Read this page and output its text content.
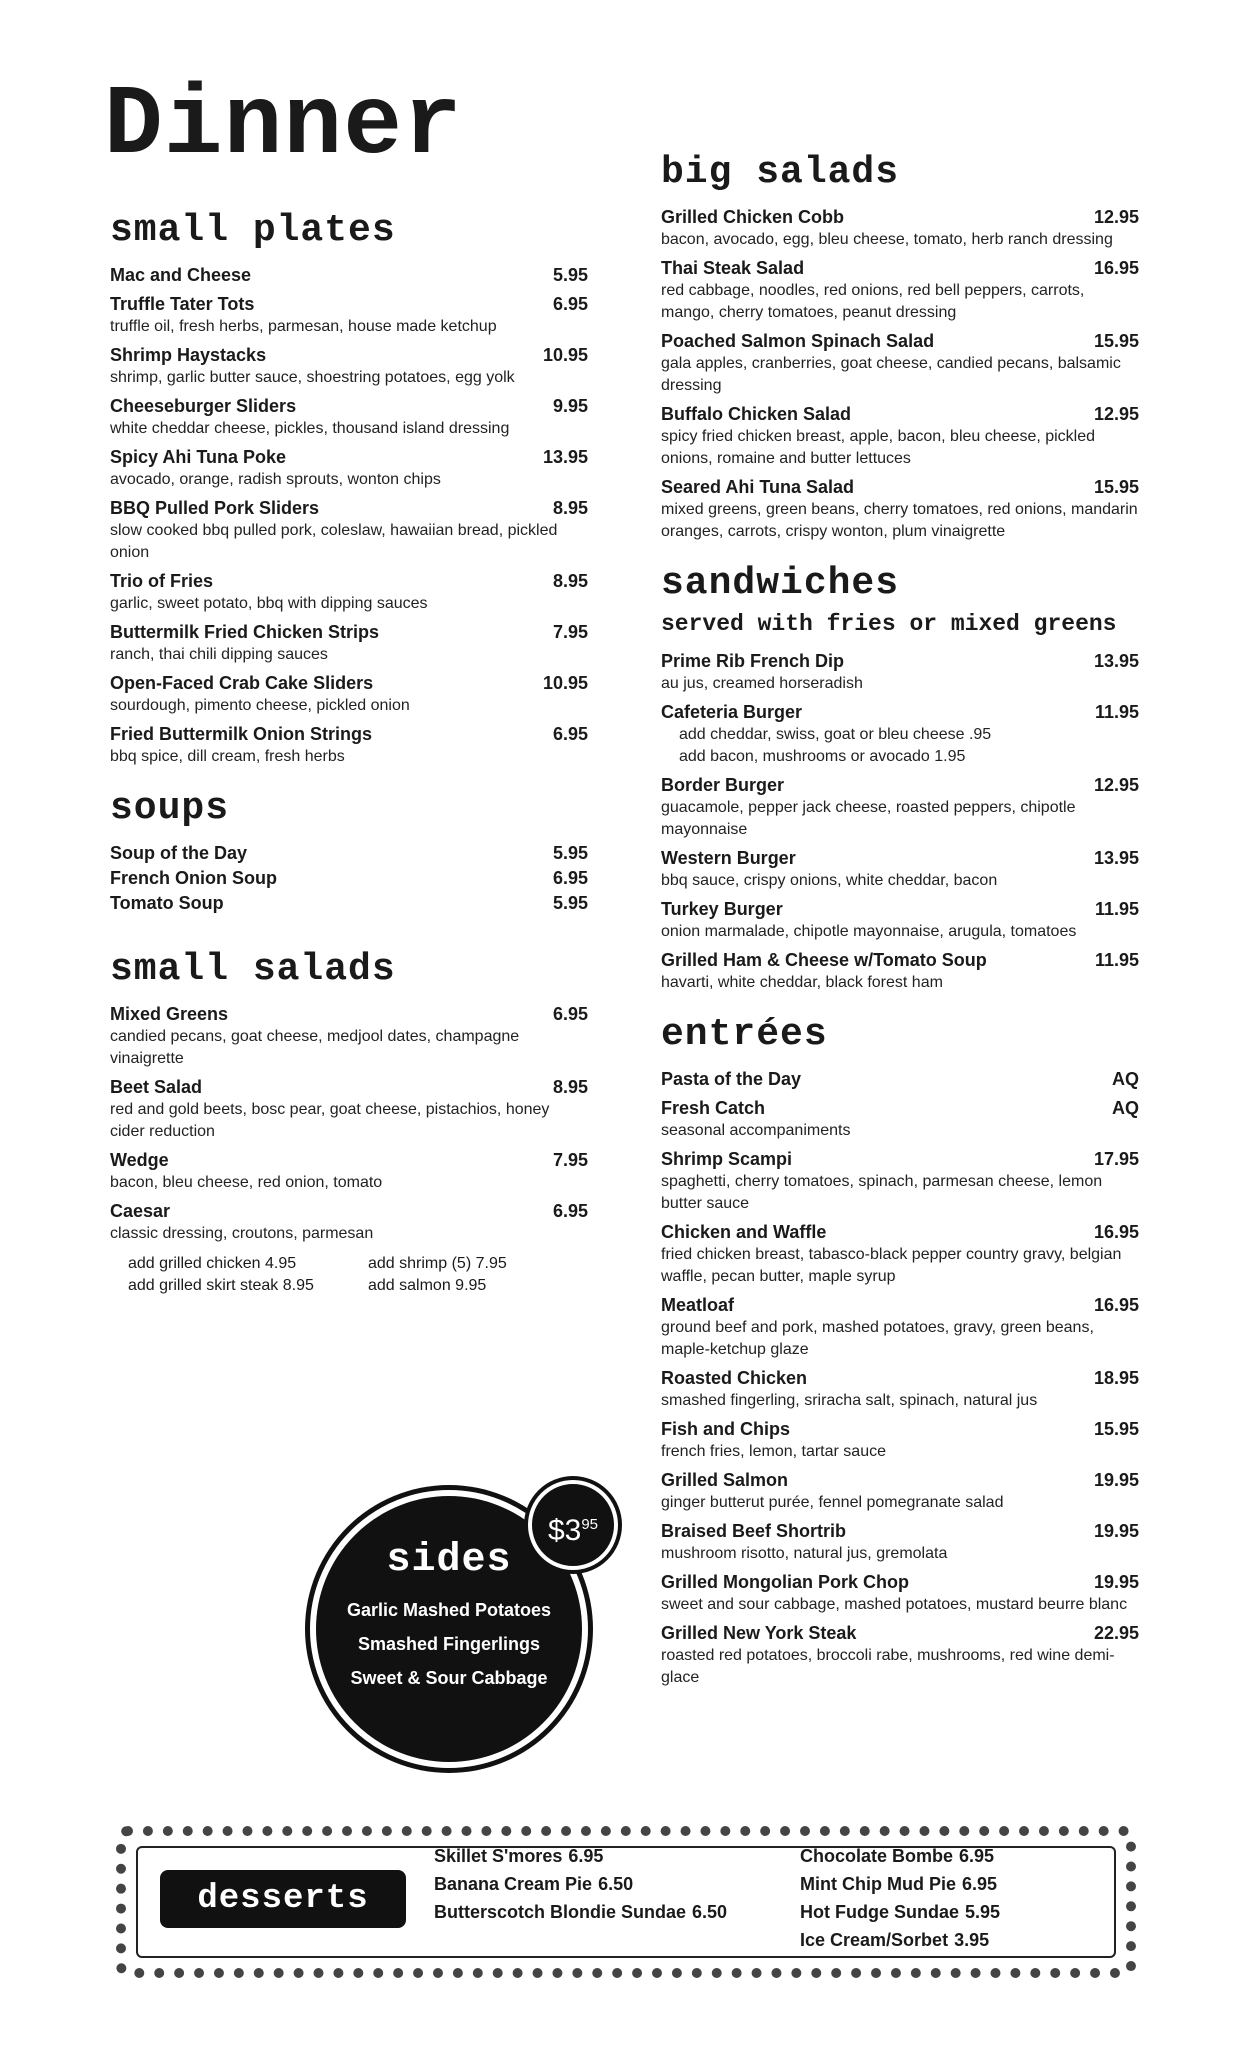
Dinner
small plates
Mac and Cheese	5.95
Truffle Tater Tots	6.95
truffle oil, fresh herbs, parmesan, house made ketchup
Shrimp Haystacks	10.95
shrimp, garlic butter sauce, shoestring potatoes, egg yolk
Cheeseburger Sliders	9.95
white cheddar cheese, pickles, thousand island dressing
Spicy Ahi Tuna Poke	13.95
avocado, orange, radish sprouts, wonton chips
BBQ Pulled Pork Sliders	8.95
slow cooked bbq pulled pork, coleslaw, hawaiian bread, pickled onion
Trio of Fries	8.95
garlic, sweet potato, bbq with dipping sauces
Buttermilk Fried Chicken Strips	7.95
ranch, thai chili dipping sauces
Open-Faced Crab Cake Sliders	10.95
sourdough, pimento cheese, pickled onion
Fried Buttermilk Onion Strings	6.95
bbq spice, dill cream, fresh herbs
soups
Soup of the Day	5.95
French Onion Soup	6.95
Tomato Soup	5.95
small salads
Mixed Greens	6.95
candied pecans, goat cheese, medjool dates, champagne vinaigrette
Beet Salad	8.95
red and gold beets, bosc pear, goat cheese, pistachios, honey cider reduction
Wedge	7.95
bacon, bleu cheese, red onion, tomato
Caesar	6.95
classic dressing, croutons, parmesan
add grilled chicken 4.95	add shrimp (5) 7.95
add grilled skirt steak 8.95	add salmon 9.95
big salads
Grilled Chicken Cobb	12.95
bacon, avocado, egg, bleu cheese, tomato, herb ranch dressing
Thai Steak Salad	16.95
red cabbage, noodles, red onions, red bell peppers, carrots, mango, cherry tomatoes, peanut dressing
Poached Salmon Spinach Salad	15.95
gala apples, cranberries, goat cheese, candied pecans, balsamic dressing
Buffalo Chicken Salad	12.95
spicy fried chicken breast, apple, bacon, bleu cheese, pickled onions, romaine and butter lettuces
Seared Ahi Tuna Salad	15.95
mixed greens, green beans, cherry tomatoes, red onions, mandarin oranges, carrots, crispy wonton, plum vinaigrette
sandwiches
served with fries or mixed greens
Prime Rib French Dip	13.95
au jus, creamed horseradish
Cafeteria Burger	11.95
add cheddar, swiss, goat or bleu cheese .95
add bacon, mushrooms or avocado 1.95
Border Burger	12.95
guacamole, pepper jack cheese, roasted peppers, chipotle mayonnaise
Western Burger	13.95
bbq sauce, crispy onions, white cheddar, bacon
Turkey Burger	11.95
onion marmalade, chipotle mayonnaise, arugula, tomatoes
Grilled Ham & Cheese w/Tomato Soup	11.95
havarti, white cheddar, black forest ham
entrées
Pasta of the Day	AQ
Fresh Catch	AQ
seasonal accompaniments
Shrimp Scampi	17.95
spaghetti, cherry tomatoes, spinach, parmesan cheese, lemon butter sauce
Chicken and Waffle	16.95
fried chicken breast, tabasco-black pepper country gravy, belgian waffle, pecan butter, maple syrup
Meatloaf	16.95
ground beef and pork, mashed potatoes, gravy, green beans, maple-ketchup glaze
Roasted Chicken	18.95
smashed fingerling, sriracha salt, spinach, natural jus
Fish and Chips	15.95
french fries, lemon, tartar sauce
Grilled Salmon	19.95
ginger butterut purée, fennel pomegranate salad
Braised Beef Shortrib	19.95
mushroom risotto, natural jus, gremolata
Grilled Mongolian Pork Chop	19.95
sweet and sour cabbage, mashed potatoes, mustard beurre blanc
Grilled New York Steak	22.95
roasted red potatoes, broccoli rabe, mushrooms, red wine demi-glace
sides
Garlic Mashed Potatoes
Smashed Fingerlings
Sweet & Sour Cabbage
$\$3^{95}$
desserts
Skillet S'mores 6.95
Banana Cream Pie 6.50
Butterscotch Blondie Sundae 6.50
Chocolate Bombe 6.95
Mint Chip Mud Pie 6.95
Hot Fudge Sundae 5.95
Ice Cream/Sorbet 3.95
